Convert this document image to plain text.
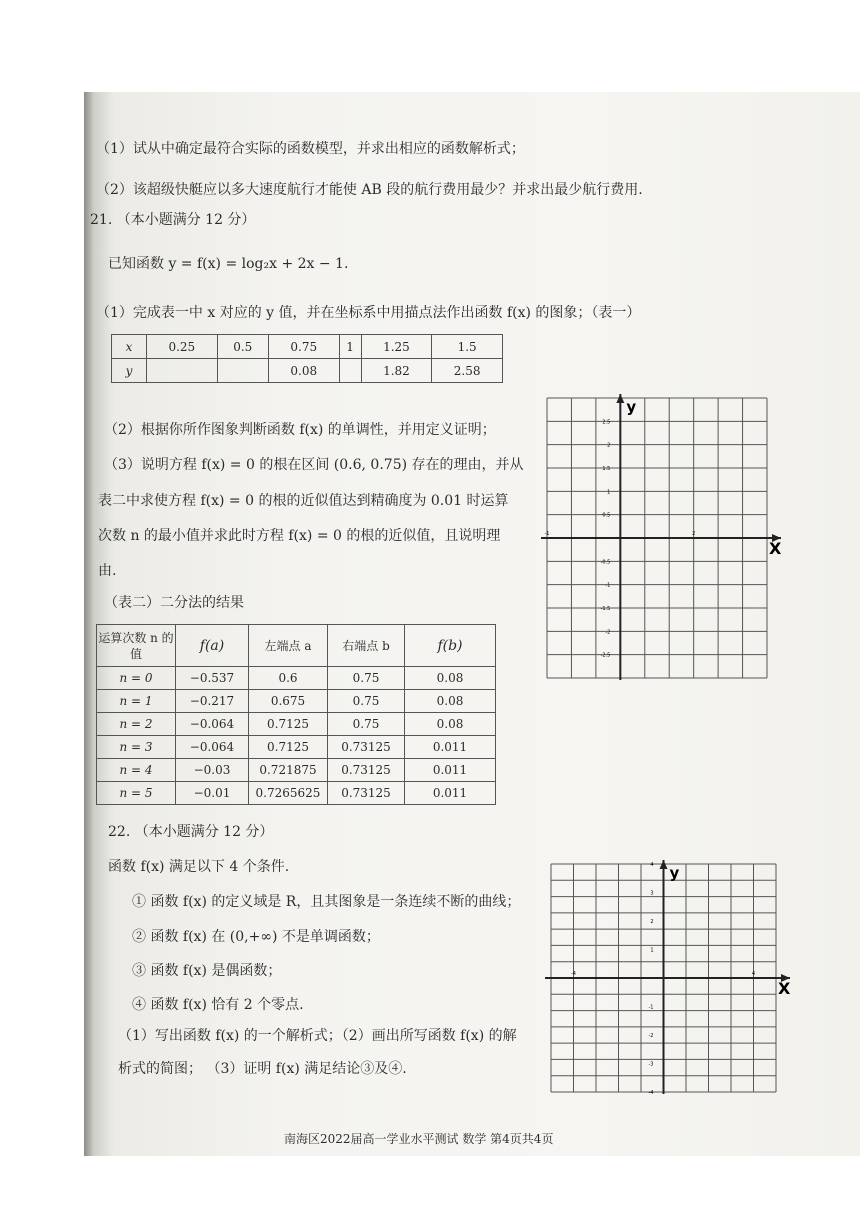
（1）试从中确定最符合实际的函数模型，并求出相应的函数解析式；
（2）该超级快艇应以多大速度航行才能使 AB 段的航行费用最少？并求出最少航行费用.
21. （本小题满分 12 分）
已知函数 y = f(x) = log₂x + 2x − 1.
（1）完成表一中 x 对应的 y 值，并在坐标系中用描点法作出函数 f(x) 的图象；（表一）
x	0.25	0.5	0.75	1	1.25	1.5
y			0.08		1.82	2.58
（2）根据你所作图象判断函数 f(x) 的单调性，并用定义证明；
（3）说明方程 f(x) = 0 的根在区间 (0.6, 0.75) 存在的理由，并从
表二中求使方程 f(x) = 0 的根的近似值达到精确度为 0.01 时运算
次数 n 的最小值并求此时方程 f(x) = 0 的根的近似值，且说明理
由.
（表二）二分法的结果
运算次数 n 的值	f(a)	左端点 a	右端点 b	f(b)
n = 0	−0.537	0.6	0.75	0.08
n = 1	−0.217	0.675	0.75	0.08
n = 2	−0.064	0.7125	0.75	0.08
n = 3	−0.064	0.7125	0.73125	0.011
n = 4	−0.03	0.721875	0.73125	0.011
n = 5	−0.01	0.7265625	0.73125	0.011
X
y
2.5
2
1.5
1
0.5
-0.5
-1
-1.5
-2
-2.5
-1	2
22. （本小题满分 12 分）
函数 f(x) 满足以下 4 个条件.
① 函数 f(x) 的定义域是 R，且其图象是一条连续不断的曲线；
② 函数 f(x) 在 (0,+∞) 不是单调函数；
③ 函数 f(x) 是偶函数；
④ 函数 f(x) 恰有 2 个零点.
（1）写出函数 f(x) 的一个解析式；（2）画出所写函数 f(x) 的解
析式的简图； （3）证明 f(x) 满足结论③及④.
X
y
4
3
2
1
-1
-2
-3
-4
-4	4
南海区2022届高一学业水平测试 数学 第4页共4页
